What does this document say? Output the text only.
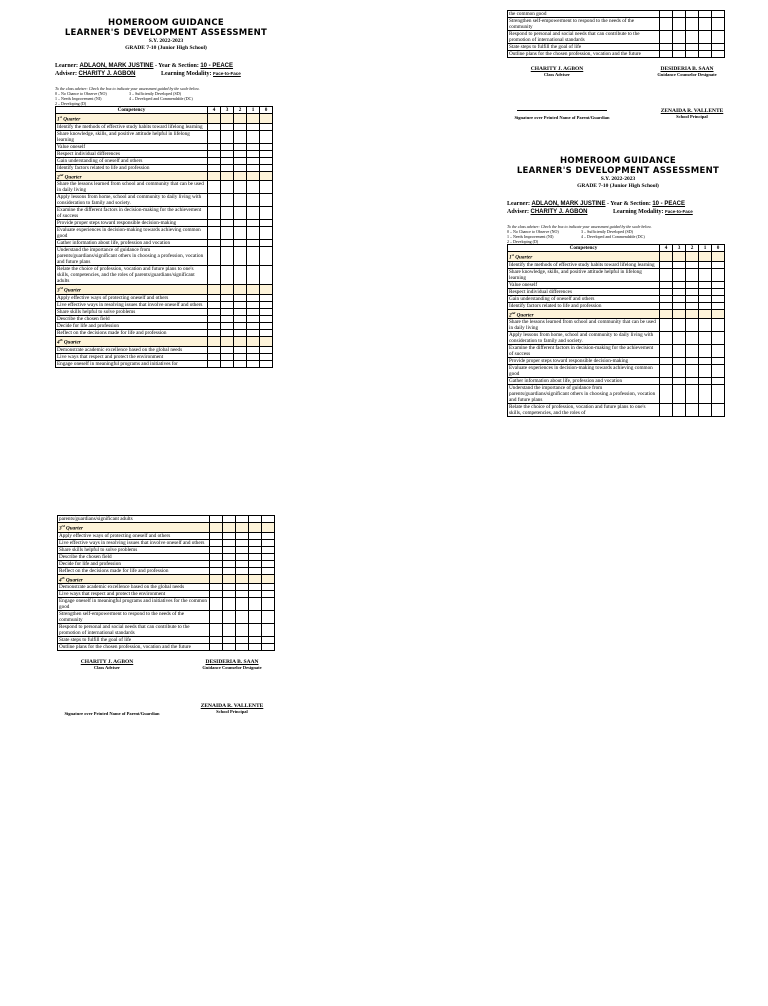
HOMEROOM GUIDANCE
LEARNER'S DEVELOPMENT ASSESSMENT
S.Y. 2022-2023
GRADE 7-10 (Junior High School)
Learner: ADLAON, MARK JUSTINE - Year & Section: 10 - PEACE
Adviser: CHARITY J. AGBON	Learning Modality: Face-to-Face
To the class adviser: Check the box to indicate your assessment guided by the scale below.
0 – No Chance to Observe (NO)	3 – Sufficiently Developed (SD)
1 – Needs Improvement (NI)	4 – Developed and Commendable (DC)
2 – Developing (D)
Competency	4	3	2	1	0
1st Quarter					
Identify the methods of effective study habits toward lifelong learning					
Share knowledge, skills, and positive attitude helpful in lifelong learning					
Value oneself					
Respect individual differences					
Gain understanding of oneself and others					
Identify factors related to life and profession					
2nd Quarter					
Share the lessons learned from school and community that can be used in daily living					
Apply lessons from home, school and community to daily living with consideration to family and society.					
Examine the different factors in decision-making for the achievement of success					
Provide proper steps toward responsible decision-making					
Evaluate experiences in decision-making towards achieving common good					
Gather information about life, profession and vocation					
Understand the importance of guidance from parents/guardians/significant others in choosing a profession, vocation and future plans					
Relate the choice of profession, vocation and future plans to one's skills, competencies, and the roles of parents/guardians/significant adults					
3rd Quarter					
Apply effective ways of protecting oneself and others					
Live effective ways in resolving issues that involve oneself and others					
Share skills helpful to solve problems					
Describe the chosen field					
Decide for life and profession					
Reflect on the decisions made for life and profession					
4th Quarter					
Demonstrate academic excellence based on the global needs					
Live ways that respect and protect the environment					
Engage oneself in meaningful programs and initiatives for					
the common good					
Strengthen self-empowerment to respond to the needs of the community					
Respond to personal and social needs that can contribute to the promotion of international standards					
State steps to fulfill the goal of life					
Outline plans for the chosen profession, vocation and the future					
CHARITY J. AGBON
Class Adviser
DESIDERIA B. SAAN
Guidance Counselor Designate
Signature over Printed Name of Parent/Guardian
ZENAIDA R. VALLENTE
School Principal
parents/guardians/significant adults					
3rd Quarter					
Apply effective ways of protecting oneself and others					
Live effective ways in resolving issues that involve oneself and others					
Share skills helpful to solve problems					
Describe the chosen field					
Decide for life and profession					
Reflect on the decisions made for life and profession					
4th Quarter					
Demonstrate academic excellence based on the global needs					
Live ways that respect and protect the environment					
Engage oneself in meaningful programs and initiatives for the common good					
Strengthen self-empowerment to respond to the needs of the community					
Respond to personal and social needs that can contribute to the promotion of international standards					
State steps to fulfill the goal of life					
Outline plans for the chosen profession, vocation and the future					
CHARITY J. AGBON
Class Adviser
DESIDERIA B. SAAN
Guidance Counselor Designate
Signature over Printed Name of Parent/Guardian
ZENAIDA R. VALLENTE
School Principal
HOMEROOM GUIDANCE
LEARNER'S DEVELOPMENT ASSESSMENT
S.Y. 2022-2023
GRADE 7-10 (Junior High School)
Learner: ADLAON, MARK JUSTINE - Year & Section: 10 - PEACE
Adviser: CHARITY J. AGBON	Learning Modality: Face-to-Face
To the class adviser: Check the box to indicate your assessment guided by the scale below.
0 – No Chance to Observe (NO)	3 – Sufficiently Developed (SD)
1 – Needs Improvement (NI)	4 – Developed and Commendable (DC)
2 – Developing (D)
Competency	4	3	2	1	0
1st Quarter					
Identify the methods of effective study habits toward lifelong learning					
Share knowledge, skills, and positive attitude helpful in lifelong learning					
Value oneself					
Respect individual differences					
Gain understanding of oneself and others					
Identify factors related to life and profession					
2nd Quarter					
Share the lessons learned from school and community that can be used in daily living					
Apply lessons from home, school and community to daily living with consideration to family and society.					
Examine the different factors in decision-making for the achievement of success					
Provide proper steps toward responsible decision-making					
Evaluate experiences in decision-making towards achieving common good					
Gather information about life, profession and vocation					
Understand the importance of guidance from parents/guardians/significant others in choosing a profession, vocation and future plans					
Relate the choice of profession, vocation and future plans to one's skills, competencies, and the roles of					
